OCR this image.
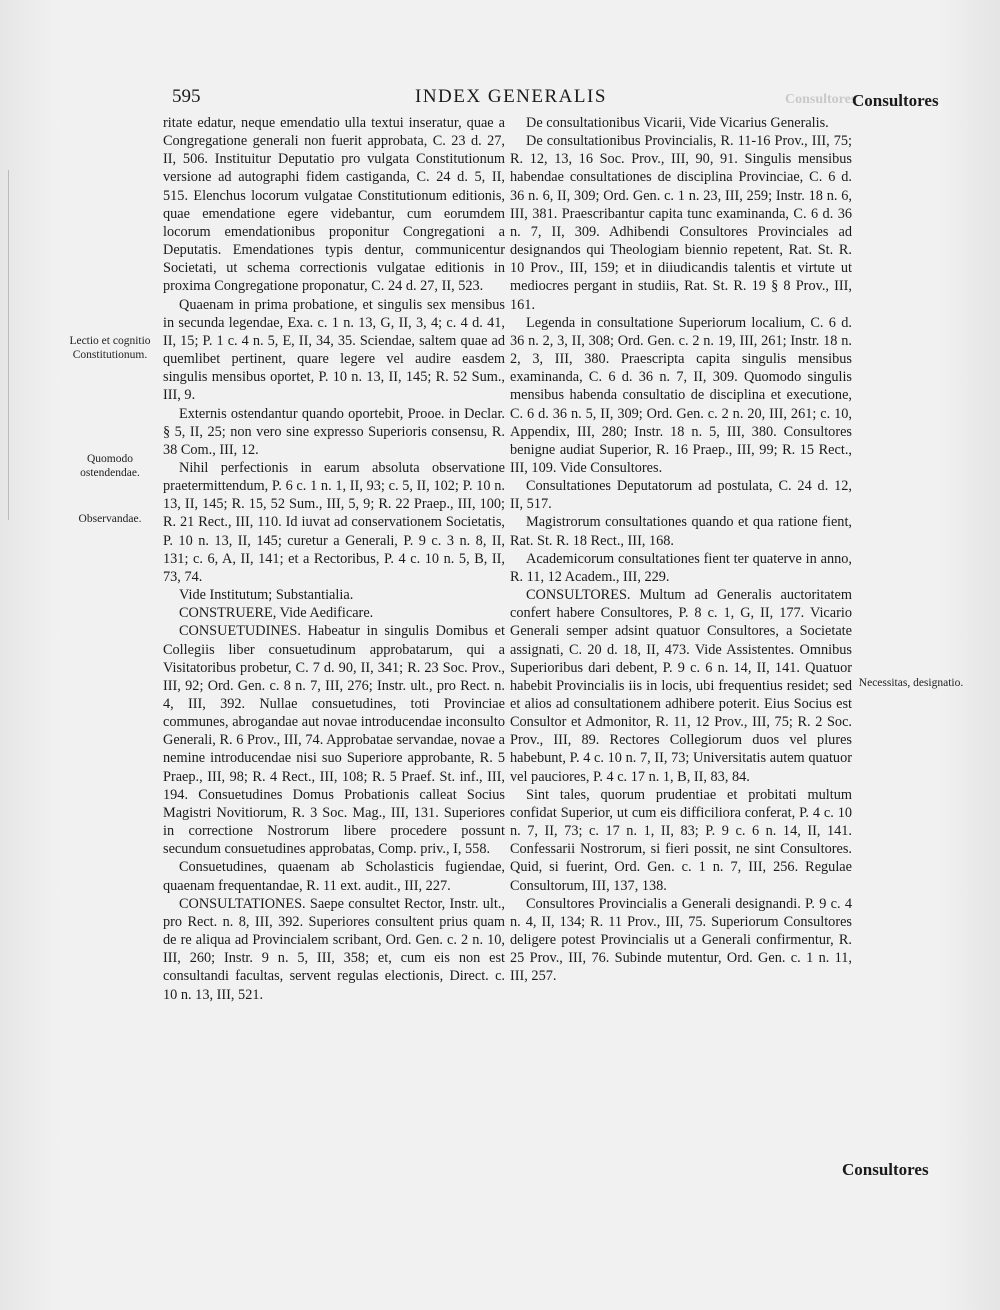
Consultores
595	INDEX GENERALIS	Consultores
Lectio et cognitio Constitutionum.
Quomodo ostendendae.
Observandae.
Necessitas, designatio.

ritate edatur, neque emendatio ulla textui inseratur, quae a Congregatione generali non fuerit approbata, C. 23 d. 27, II, 506. Instituitur Deputatio pro vulgata Constitutionum versione ad autographi fidem castiganda, C. 24 d. 5, II, 515. Elenchus locorum vulgatae Constitutionum editionis, quae emendatione egere videbantur, cum eorumdem locorum emendationibus proponitur Congregationi a Deputatis. Emendationes typis dentur, communicentur Societati, ut schema correctionis vulgatae editionis in proxima Congregatione proponatur, C. 24 d. 27, II, 523.

Quaenam in prima probatione, et singulis sex mensibus in secunda legendae, Exa. c. 1 n. 13, G, II, 3, 4; c. 4 d. 41, II, 15; P. 1 c. 4 n. 5, E, II, 34, 35. Sciendae, saltem quae ad quemlibet pertinent, quare legere vel audire easdem singulis mensibus oportet, P. 10 n. 13, II, 145; R. 52 Sum., III, 9.

Externis ostendantur quando oportebit, Prooe. in Declar. § 5, II, 25; non vero sine expresso Superioris consensu, R. 38 Com., III, 12.

Nihil perfectionis in earum absoluta observatione praetermittendum, P. 6 c. 1 n. 1, II, 93; c. 5, II, 102; P. 10 n. 13, II, 145; R. 15, 52 Sum., III, 5, 9; R. 22 Praep., III, 100; R. 21 Rect., III, 110. Id iuvat ad conservationem Societatis, P. 10 n. 13, II, 145; curetur a Generali, P. 9 c. 3 n. 8, II, 131; c. 6, A, II, 141; et a Rectoribus, P. 4 c. 10 n. 5, B, II, 73, 74.

Vide Institutum; Substantialia.

CONSTRUERE, Vide Aedificare.

CONSUETUDINES. Habeatur in singulis Domibus et Collegiis liber consuetudinum approbatarum, qui a Visitatoribus probetur, C. 7 d. 90, II, 341; R. 23 Soc. Prov., III, 92; Ord. Gen. c. 8 n. 7, III, 276; Instr. ult., pro Rect. n. 4, III, 392. Nullae consuetudines, toti Provinciae communes, abrogandae aut novae introducendae inconsulto Generali, R. 6 Prov., III, 74. Approbatae servandae, novae a nemine introducendae nisi suo Superiore approbante, R. 5 Praep., III, 98; R. 4 Rect., III, 108; R. 5 Praef. St. inf., III, 194. Consuetudines Domus Probationis calleat Socius Magistri Novitiorum, R. 3 Soc. Mag., III, 131. Superiores in correctione Nostrorum libere procedere possunt secundum consuetudines approbatas, Comp. priv., I, 558.

Consuetudines, quaenam ab Scholasticis fugiendae, quaenam frequentandae, R. 11 ext. audit., III, 227.

CONSULTATIONES. Saepe consultet Rector, Instr. ult., pro Rect. n. 8, III, 392. Superiores consultent prius quam de re aliqua ad Provincialem scribant, Ord. Gen. c. 2 n. 10, III, 260; Instr. 9 n. 5, III, 358; et, cum eis non est consultandi facultas, servent regulas electionis, Direct. c. 10 n. 13, III, 521.

De consultationibus Vicarii, Vide Vicarius Generalis.

De consultationibus Provincialis, R. 11-16 Prov., III, 75; R. 12, 13, 16 Soc. Prov., III, 90, 91. Singulis mensibus habendae consultationes de disciplina Provinciae, C. 6 d. 36 n. 6, II, 309; Ord. Gen. c. 1 n. 23, III, 259; Instr. 18 n. 6, III, 381. Praescribantur capita tunc examinanda, C. 6 d. 36 n. 7, II, 309. Adhibendi Consultores Provinciales ad designandos qui Theologiam biennio repetent, Rat. St. R. 10 Prov., III, 159; et in diiudicandis talentis et virtute ut mediocres pergant in studiis, Rat. St. R. 19 § 8 Prov., III, 161.

Legenda in consultatione Superiorum localium, C. 6 d. 36 n. 2, 3, II, 308; Ord. Gen. c. 2 n. 19, III, 261; Instr. 18 n. 2, 3, III, 380. Praescripta capita singulis mensibus examinanda, C. 6 d. 36 n. 7, II, 309. Quomodo singulis mensibus habenda consultatio de disciplina et executione, C. 6 d. 36 n. 5, II, 309; Ord. Gen. c. 2 n. 20, III, 261; c. 10, Appendix, III, 280; Instr. 18 n. 5, III, 380. Consultores benigne audiat Superior, R. 16 Praep., III, 99; R. 15 Rect., III, 109. Vide Consultores.

Consultationes Deputatorum ad postulata, C. 24 d. 12, II, 517.

Magistrorum consultationes quando et qua ratione fient, Rat. St. R. 18 Rect., III, 168.

Academicorum consultationes fient ter quaterve in anno, R. 11, 12 Academ., III, 229.

CONSULTORES. Multum ad Generalis auctoritatem confert habere Consultores, P. 8 c. 1, G, II, 177. Vicario Generali semper adsint quatuor Consultores, a Societate assignati, C. 20 d. 18, II, 473. Vide Assistentes. Omnibus Superioribus dari debent, P. 9 c. 6 n. 14, II, 141. Quatuor habebit Provincialis iis in locis, ubi frequentius residet; sed et alios ad consultationem adhibere poterit. Eius Socius est Consultor et Admonitor, R. 11, 12 Prov., III, 75; R. 2 Soc. Prov., III, 89. Rectores Collegiorum duos vel plures habebunt, P. 4 c. 10 n. 7, II, 73; Universitatis autem quatuor vel pauciores, P. 4 c. 17 n. 1, B, II, 83, 84.

Sint tales, quorum prudentiae et probitati multum confidat Superior, ut cum eis difficiliora conferat, P. 4 c. 10 n. 7, II, 73; c. 17 n. 1, II, 83; P. 9 c. 6 n. 14, II, 141. Confessarii Nostrorum, si fieri possit, ne sint Consultores. Quid, si fuerint, Ord. Gen. c. 1 n. 7, III, 256. Regulae Consultorum, III, 137, 138.

Consultores Provincialis a Generali designandi. P. 9 c. 4 n. 4, II, 134; R. 11 Prov., III, 75. Superiorum Consultores deligere potest Provincialis ut a Generali confirmentur, R. 25 Prov., III, 76. Subinde mutentur, Ord. Gen. c. 1 n. 11, III, 257.

Consultores
